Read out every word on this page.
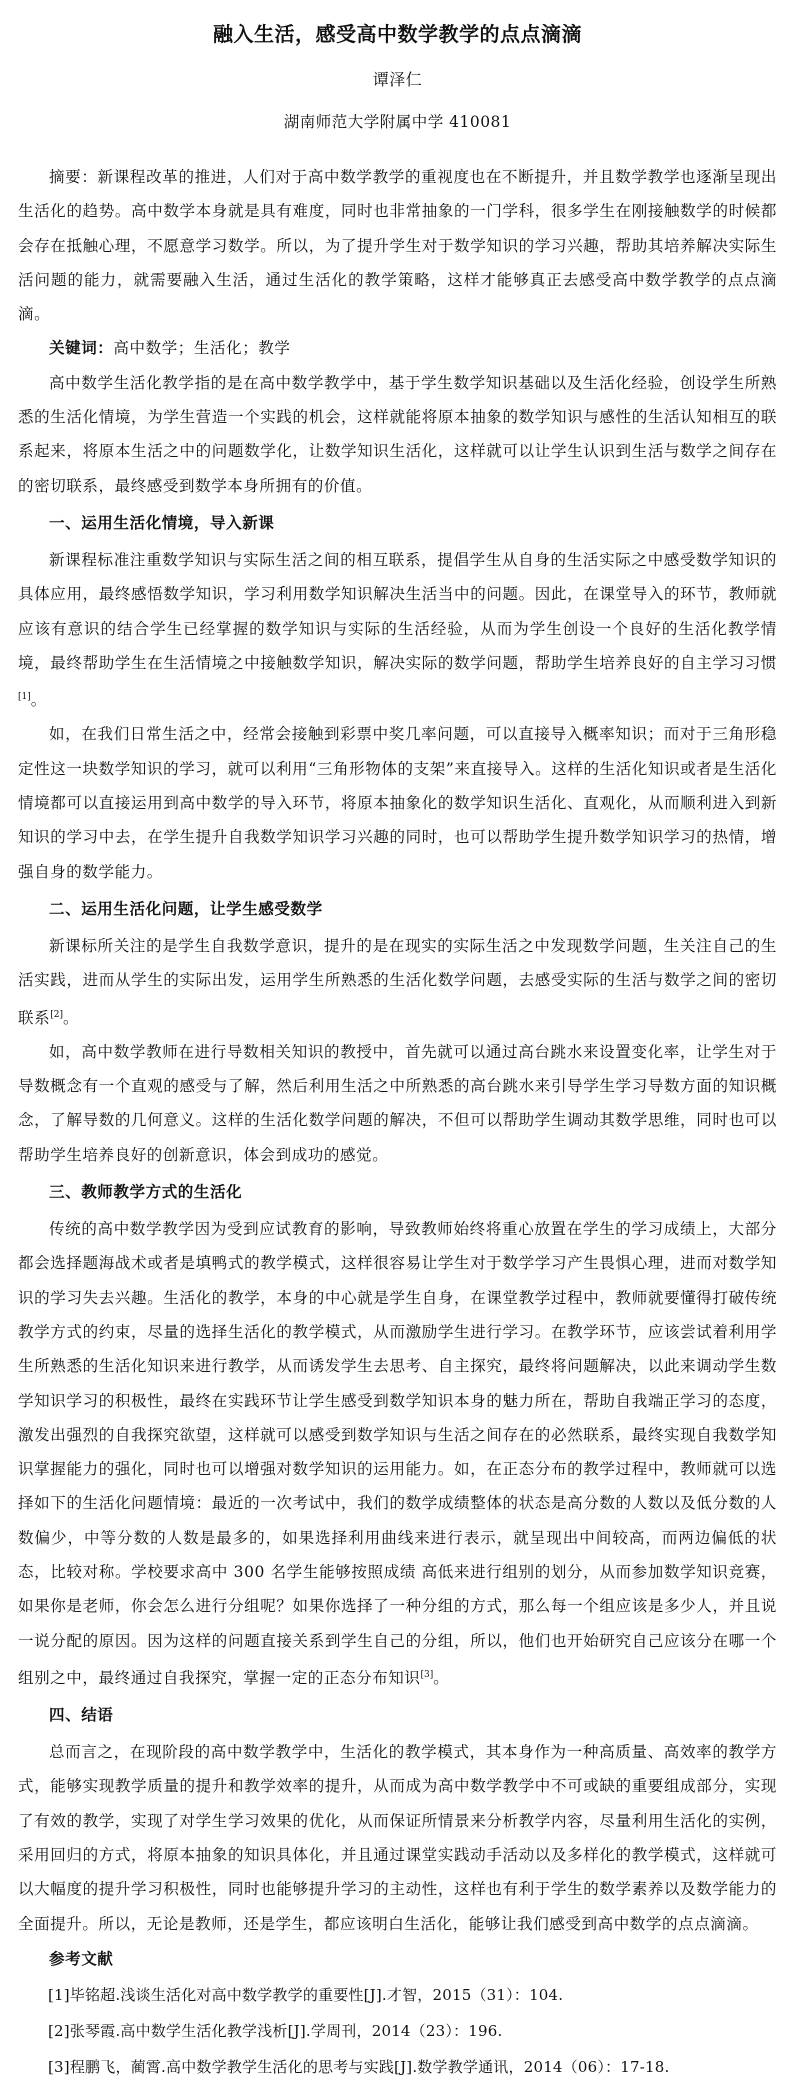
融入生活，感受高中数学教学的点点滴滴
谭泽仁
湖南师范大学附属中学 410081

摘要：新课程改革的推进，人们对于高中数学教学的重视度也在不断提升，并且数学教学也逐渐呈现出生活化的趋势。高中数学本身就是具有难度，同时也非常抽象的一门学科，很多学生在刚接触数学的时候都会存在抵触心理，不愿意学习数学。所以，为了提升学生对于数学知识的学习兴趣，帮助其培养解决实际生活问题的能力，就需要融入生活，通过生活化的教学策略，这样才能够真正去感受高中数学教学的点点滴滴。

关键词：高中数学；生活化；教学

高中数学生活化教学指的是在高中数学教学中，基于学生数学知识基础以及生活化经验，创设学生所熟悉的生活化情境，为学生营造一个实践的机会，这样就能将原本抽象的数学知识与感性的生活认知相互的联系起来，将原本生活之中的问题数学化，让数学知识生活化，这样就可以让学生认识到生活与数学之间存在的密切联系，最终感受到数学本身所拥有的价值。

一、运用生活化情境，导入新课

新课程标准注重数学知识与实际生活之间的相互联系，提倡学生从自身的生活实际之中感受数学知识的具体应用，最终感悟数学知识，学习利用数学知识解决生活当中的问题。因此，在课堂导入的环节，教师就应该有意识的结合学生已经掌握的数学知识与实际的生活经验，从而为学生创设一个良好的生活化教学情境，最终帮助学生在生活情境之中接触数学知识，解决实际的数学问题，帮助学生培养良好的自主学习习惯[1]。

如，在我们日常生活之中，经常会接触到彩票中奖几率问题，可以直接导入概率知识；而对于三角形稳定性这一块数学知识的学习，就可以利用“三角形物体的支架”来直接导入。这样的生活化知识或者是生活化情境都可以直接运用到高中数学的导入环节，将原本抽象化的数学知识生活化、直观化，从而顺利进入到新知识的学习中去，在学生提升自我数学知识学习兴趣的同时，也可以帮助学生提升数学知识学习的热情，增强自身的数学能力。

二、运用生活化问题，让学生感受数学

新课标所关注的是学生自我数学意识，提升的是在现实的实际生活之中发现数学问题，生关注自己的生活实践，进而从学生的实际出发，运用学生所熟悉的生活化数学问题，去感受实际的生活与数学之间的密切联系[2]。

如，高中数学教师在进行导数相关知识的教授中，首先就可以通过高台跳水来设置变化率，让学生对于导数概念有一个直观的感受与了解，然后利用生活之中所熟悉的高台跳水来引导学生学习导数方面的知识概念，了解导数的几何意义。这样的生活化数学问题的解决，不但可以帮助学生调动其数学思维，同时也可以帮助学生培养良好的创新意识，体会到成功的感觉。

三、教师教学方式的生活化

传统的高中数学教学因为受到应试教育的影响，导致教师始终将重心放置在学生的学习成绩上，大部分都会选择题海战术或者是填鸭式的教学模式，这样很容易让学生对于数学学习产生畏惧心理，进而对数学知识的学习失去兴趣。生活化的教学，本身的中心就是学生自身，在课堂教学过程中，教师就要懂得打破传统教学方式的约束，尽量的选择生活化的教学模式，从而激励学生进行学习。在教学环节，应该尝试着利用学生所熟悉的生活化知识来进行教学，从而诱发学生去思考、自主探究，最终将问题解决，以此来调动学生数学知识学习的积极性，最终在实践环节让学生感受到数学知识本身的魅力所在，帮助自我端正学习的态度，激发出强烈的自我探究欲望，这样就可以感受到数学知识与生活之间存在的必然联系，最终实现自我数学知识掌握能力的强化，同时也可以增强对数学知识的运用能力。如，在正态分布的教学过程中，教师就可以选择如下的生活化问题情境：最近的一次考试中，我们的数学成绩整体的状态是高分数的人数以及低分数的人数偏少，中等分数的人数是最多的，如果选择利用曲线来进行表示，就呈现出中间较高，而两边偏低的状态，比较对称。学校要求高中 300 名学生能够按照成绩 高低来进行组别的划分，从而参加数学知识竞赛，如果你是老师，你会怎么进行分组呢？如果你选择了一种分组的方式，那么每一个组应该是多少人，并且说一说分配的原因。因为这样的问题直接关系到学生自己的分组，所以，他们也开始研究自己应该分在哪一个组别之中，最终通过自我探究，掌握一定的正态分布知识[3]。

四、结语

总而言之，在现阶段的高中数学教学中，生活化的教学模式，其本身作为一种高质量、高效率的教学方式，能够实现教学质量的提升和教学效率的提升，从而成为高中数学教学中不可或缺的重要组成部分，实现了有效的教学，实现了对学生学习效果的优化，从而保证所情景来分析教学内容，尽量利用生活化的实例，采用回归的方式，将原本抽象的知识具体化，并且通过课堂实践动手活动以及多样化的教学模式，这样就可以大幅度的提升学习积极性，同时也能够提升学习的主动性，这样也有利于学生的数学素养以及数学能力的全面提升。所以，无论是教师，还是学生，都应该明白生活化，能够让我们感受到高中数学的点点滴滴。

参考文献
[1]毕铭超.浅谈生活化对高中数学教学的重要性[J].才智，2015（31）：104.
[2]张琴霞.高中数学生活化教学浅析[J].学周刊，2014（23）：196.
[3]程鹏飞，蔺霄.高中数学教学生活化的思考与实践[J].数学教学通讯，2014（06）：17-18.
